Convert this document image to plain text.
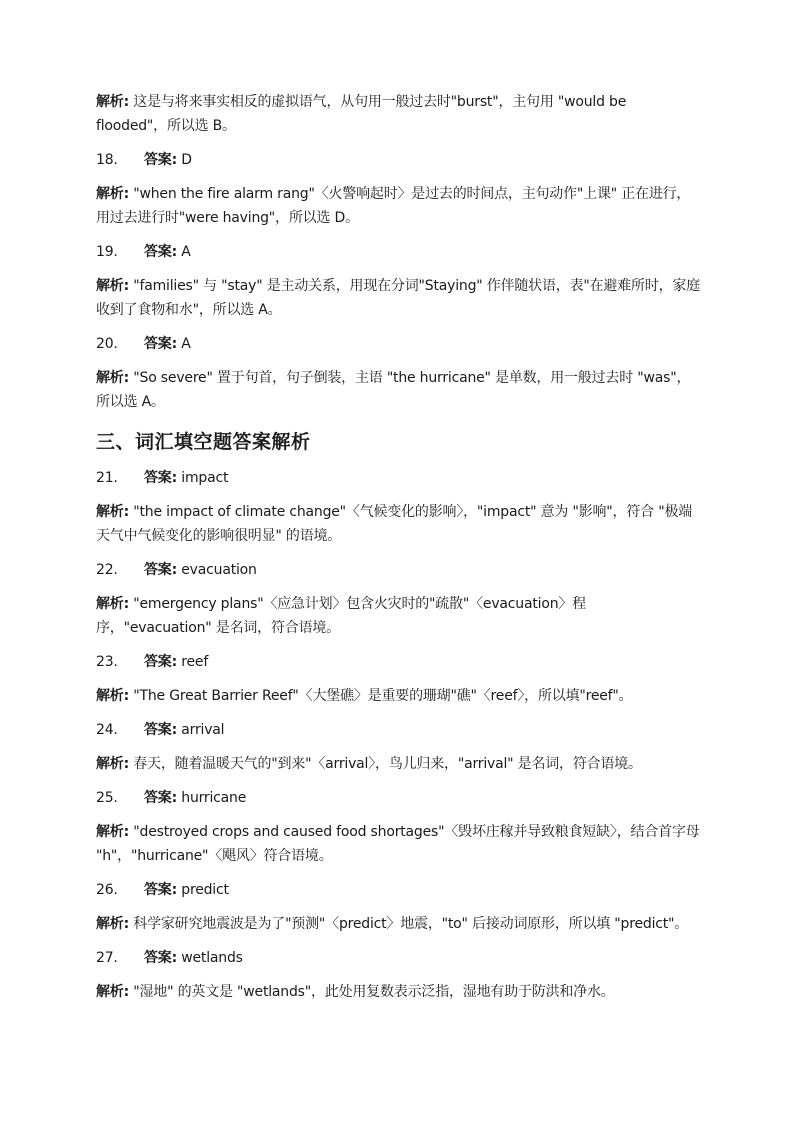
解析: 这是与将来事实相反的虚拟语气，从句用一般过去时"burst"，主句用 "would be flooded"，所以选 B。

18.	答案:
D

解析: "when the fire alarm rang"〈火警响起时〉是过去的时间点，主句动作"上课" 正在进行，用过去进行时"were having"，所以选 D。

19.	答案:
A

解析: "families" 与 "stay" 是主动关系，用现在分词"Staying" 作伴随状语，表"在避难所时，家庭收到了食物和水"，所以选 A。

20.	答案:
A

解析: "So severe" 置于句首，句子倒装，主语 "the hurricane" 是单数，用一般过去时 "was"，所以选 A。

三、词汇填空题答案解析
21.	答案:
impact

解析: "the impact of climate change"〈气候变化的影响〉，"impact" 意为 "影响"，符合 "极端天气中气候变化的影响很明显" 的语境。

22.	答案:
evacuation

解析: "emergency plans"〈应急计划〉包含火灾时的"疏散"〈evacuation〉程序，"evacuation" 是名词，符合语境。

23.	答案:
reef

解析: "The Great Barrier Reef"〈大堡礁〉是重要的珊瑚"礁"〈reef〉，所以填"reef"。

24.	答案:
arrival

解析: 春天，随着温暖天气的"到来"〈arrival〉，鸟儿归来，"arrival" 是名词，符合语境。

25.	答案:
hurricane

解析: "destroyed crops and caused food shortages"〈毁坏庄稼并导致粮食短缺〉，结合首字母 "h"，"hurricane"〈飓风〉符合语境。

26.	答案:
predict

解析: 科学家研究地震波是为了"预测"〈predict〉地震，"to" 后接动词原形，所以填 "predict"。

27.	答案:
wetlands

解析: "湿地" 的英文是 "wetlands"，此处用复数表示泛指，湿地有助于防洪和净水。
